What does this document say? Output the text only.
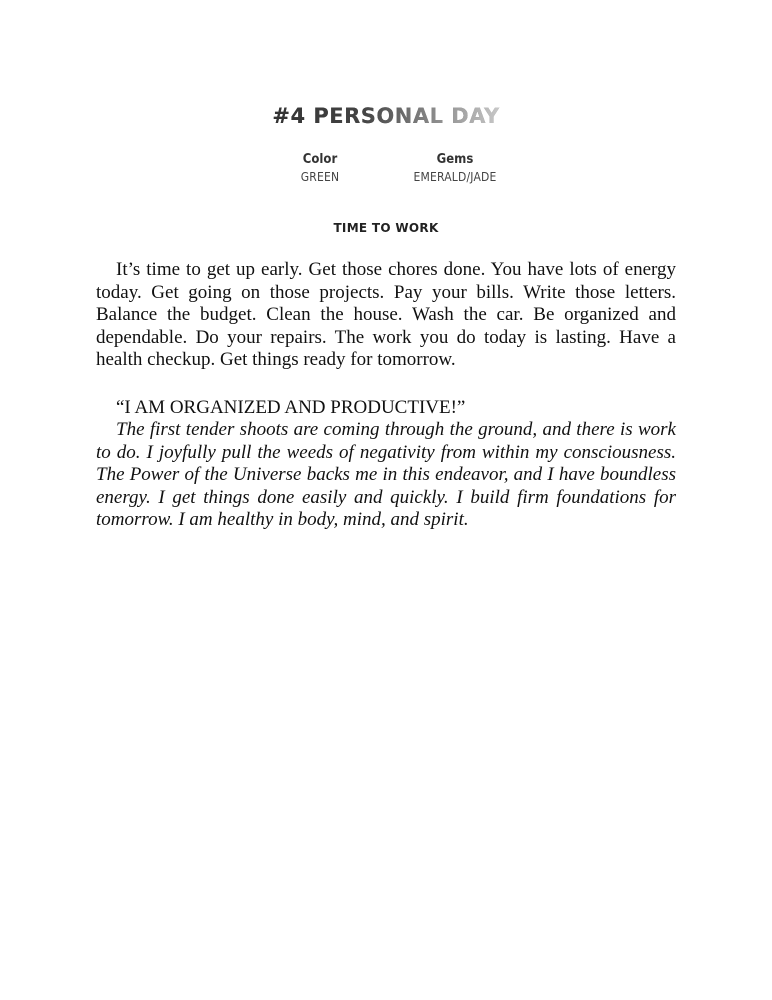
#4 PERSONAL DAY
Color
GREEN
Gems
EMERALD/JADE
TIME TO WORK

It’s time to get up early. Get those chores done. You have lots of energy today. Get going on those projects. Pay your bills. Write those letters. Balance the budget. Clean the house. Wash the car. Be organized and dependable. Do your repairs. The work you do today is lasting. Have a health checkup. Get things ready for tomorrow.

“I AM ORGANIZED AND PRODUCTIVE!”

The first tender shoots are coming through the ground, and there is work to do. I joyfully pull the weeds of negativity from within my consciousness. The Power of the Universe backs me in this endeavor, and I have boundless energy. I get things done easily and quickly. I build firm foundations for tomorrow. I am healthy in body, mind, and spirit.
